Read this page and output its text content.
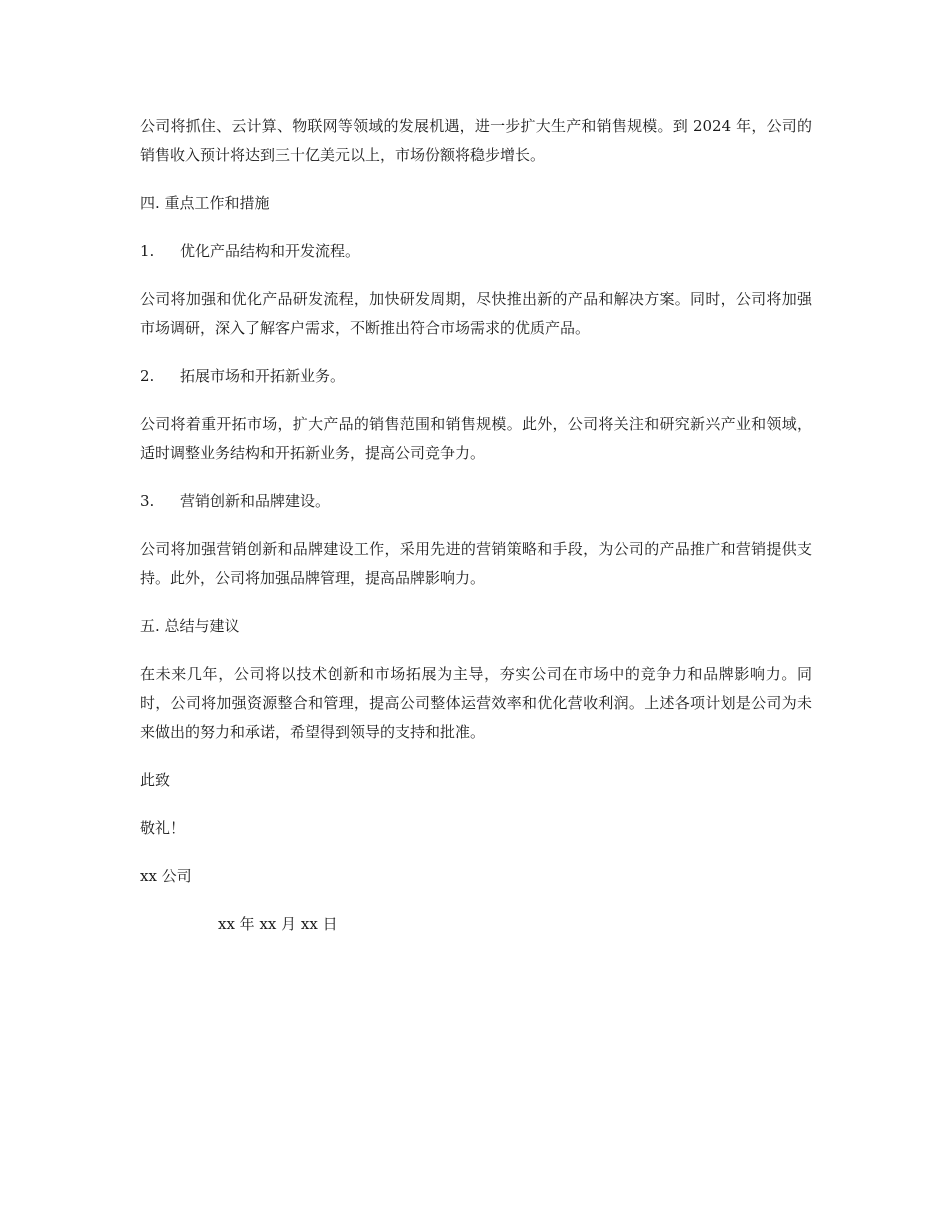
公司将抓住、云计算、物联网等领域的发展机遇，进一步扩大生产和销售规模。到 2024 年，公司的销售收入预计将达到三十亿美元以上，市场份额将稳步增长。

四. 重点工作和措施

1.	优化产品结构和开发流程。

公司将加强和优化产品研发流程，加快研发周期，尽快推出新的产品和解决方案。同时，公司将加强市场调研，深入了解客户需求，不断推出符合市场需求的优质产品。

2.	拓展市场和开拓新业务。

公司将着重开拓市场，扩大产品的销售范围和销售规模。此外，公司将关注和研究新兴产业和领域，适时调整业务结构和开拓新业务，提高公司竞争力。

3.	营销创新和品牌建设。

公司将加强营销创新和品牌建设工作，采用先进的营销策略和手段，为公司的产品推广和营销提供支持。此外，公司将加强品牌管理，提高品牌影响力。

五. 总结与建议

在未来几年，公司将以技术创新和市场拓展为主导，夯实公司在市场中的竞争力和品牌影响力。同时，公司将加强资源整合和管理，提高公司整体运营效率和优化营收利润。上述各项计划是公司为未来做出的努力和承诺，希望得到领导的支持和批准。

此致

敬礼！

xx 公司

xx 年 xx 月 xx 日
